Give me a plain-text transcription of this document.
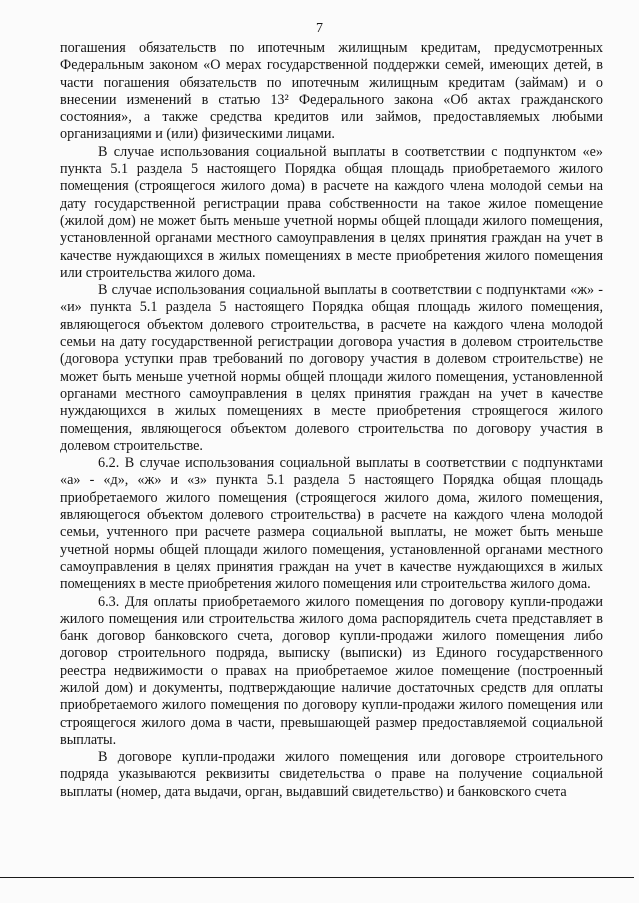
7

погашения обязательств по ипотечным жилищным кредитам, предусмотренных Федеральным законом «О мерах государственной поддержки семей, имеющих детей, в части погашения обязательств по ипотечным жилищным кредитам (займам) и о внесении изменений в статью 13² Федерального закона «Об актах гражданского состояния», а также средства кредитов или займов, предоставляемых любыми организациями и (или) физическими лицами.

В случае использования социальной выплаты в соответствии с подпунктом «е» пункта 5.1 раздела 5 настоящего Порядка общая площадь приобретаемого жилого помещения (строящегося жилого дома) в расчете на каждого члена молодой семьи на дату государственной регистрации права собственности на такое жилое помещение (жилой дом) не может быть меньше учетной нормы общей площади жилого помещения, установленной органами местного самоуправления в целях принятия граждан на учет в качестве нуждающихся в жилых помещениях в месте приобретения жилого помещения или строительства жилого дома.

В случае использования социальной выплаты в соответствии с подпунктами «ж» - «и» пункта 5.1 раздела 5 настоящего Порядка общая площадь жилого помещения, являющегося объектом долевого строительства, в расчете на каждого члена молодой семьи на дату государственной регистрации договора участия в долевом строительстве (договора уступки прав требований по договору участия в долевом строительстве) не может быть меньше учетной нормы общей площади жилого помещения, установленной органами местного самоуправления в целях принятия граждан на учет в качестве нуждающихся в жилых помещениях в месте приобретения строящегося жилого помещения, являющегося объектом долевого строительства по договору участия в долевом строительстве.

6.2. В случае использования социальной выплаты в соответствии с подпунктами «а» - «д», «ж» и «з» пункта 5.1 раздела 5 настоящего Порядка общая площадь приобретаемого жилого помещения (строящегося жилого дома, жилого помещения, являющегося объектом долевого строительства) в расчете на каждого члена молодой семьи, учтенного при расчете размера социальной выплаты, не может быть меньше учетной нормы общей площади жилого помещения, установленной органами местного самоуправления в целях принятия граждан на учет в качестве нуждающихся в жилых помещениях в месте приобретения жилого помещения или строительства жилого дома.

6.3. Для оплаты приобретаемого жилого помещения по договору купли-продажи жилого помещения или строительства жилого дома распорядитель счета представляет в банк договор банковского счета, договор купли-продажи жилого помещения либо договор строительного подряда, выписку (выписки) из Единого государственного реестра недвижимости о правах на приобретаемое жилое помещение (построенный жилой дом) и документы, подтверждающие наличие достаточных средств для оплаты приобретаемого жилого помещения по договору купли-продажи жилого помещения или строящегося жилого дома в части, превышающей размер предоставляемой социальной выплаты.

В договоре купли-продажи жилого помещения или договоре строительного подряда указываются реквизиты свидетельства о праве на получение социальной выплаты (номер, дата выдачи, орган, выдавший свидетельство) и банковского счета
